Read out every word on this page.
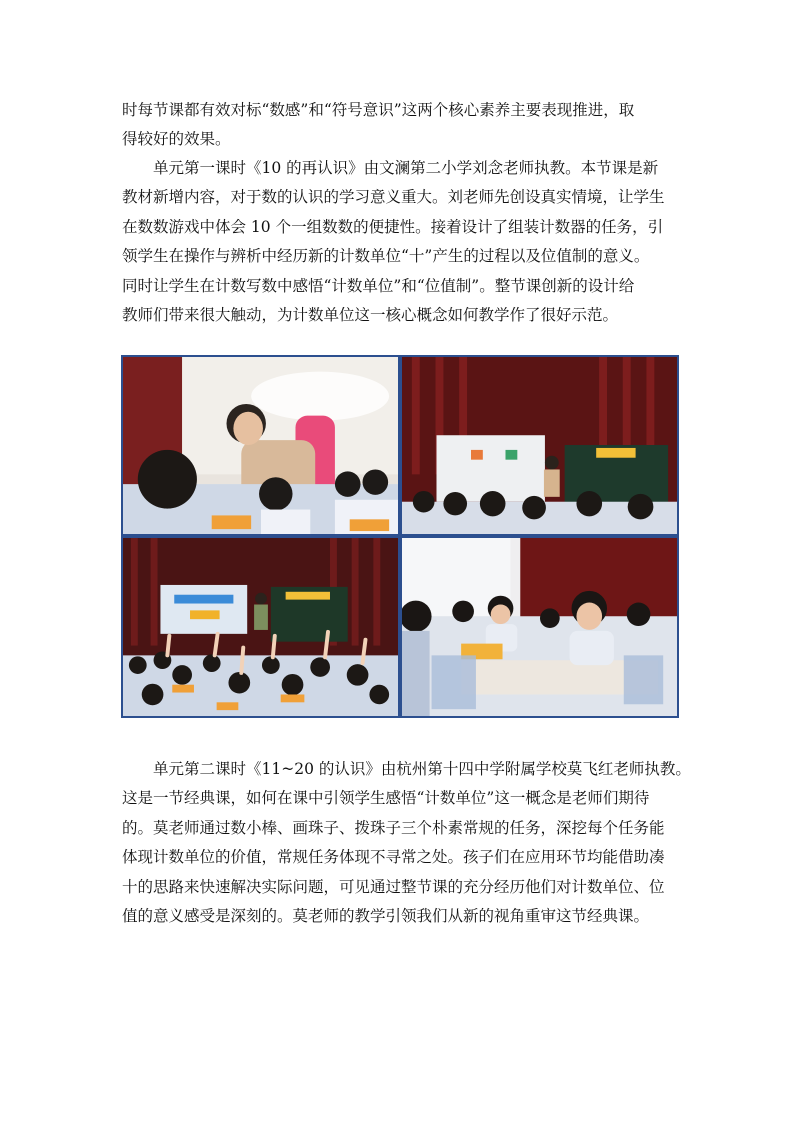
时每节课都有效对标“数感”和“符号意识”这两个核心素养主要表现推进，取
得较好的效果。
　　单元第一课时《10 的再认识》由文澜第二小学刘念老师执教。本节课是新
教材新增内容，对于数的认识的学习意义重大。刘老师先创设真实情境，让学生
在数数游戏中体会 10 个一组数数的便捷性。接着设计了组装计数器的任务，引
领学生在操作与辨析中经历新的计数单位“十”产生的过程以及位值制的意义。
同时让学生在计数写数中感悟“计数单位”和“位值制”。整节课创新的设计给
教师们带来很大触动，为计数单位这一核心概念如何教学作了很好示范。
　　单元第二课时《11~20 的认识》由杭州第十四中学附属学校莫飞红老师执教。
这是一节经典课，如何在课中引领学生感悟“计数单位”这一概念是老师们期待
的。莫老师通过数小棒、画珠子、拨珠子三个朴素常规的任务，深挖每个任务能
体现计数单位的价值，常规任务体现不寻常之处。孩子们在应用环节均能借助凑
十的思路来快速解决实际问题，可见通过整节课的充分经历他们对计数单位、位
值的意义感受是深刻的。莫老师的教学引领我们从新的视角重审这节经典课。
